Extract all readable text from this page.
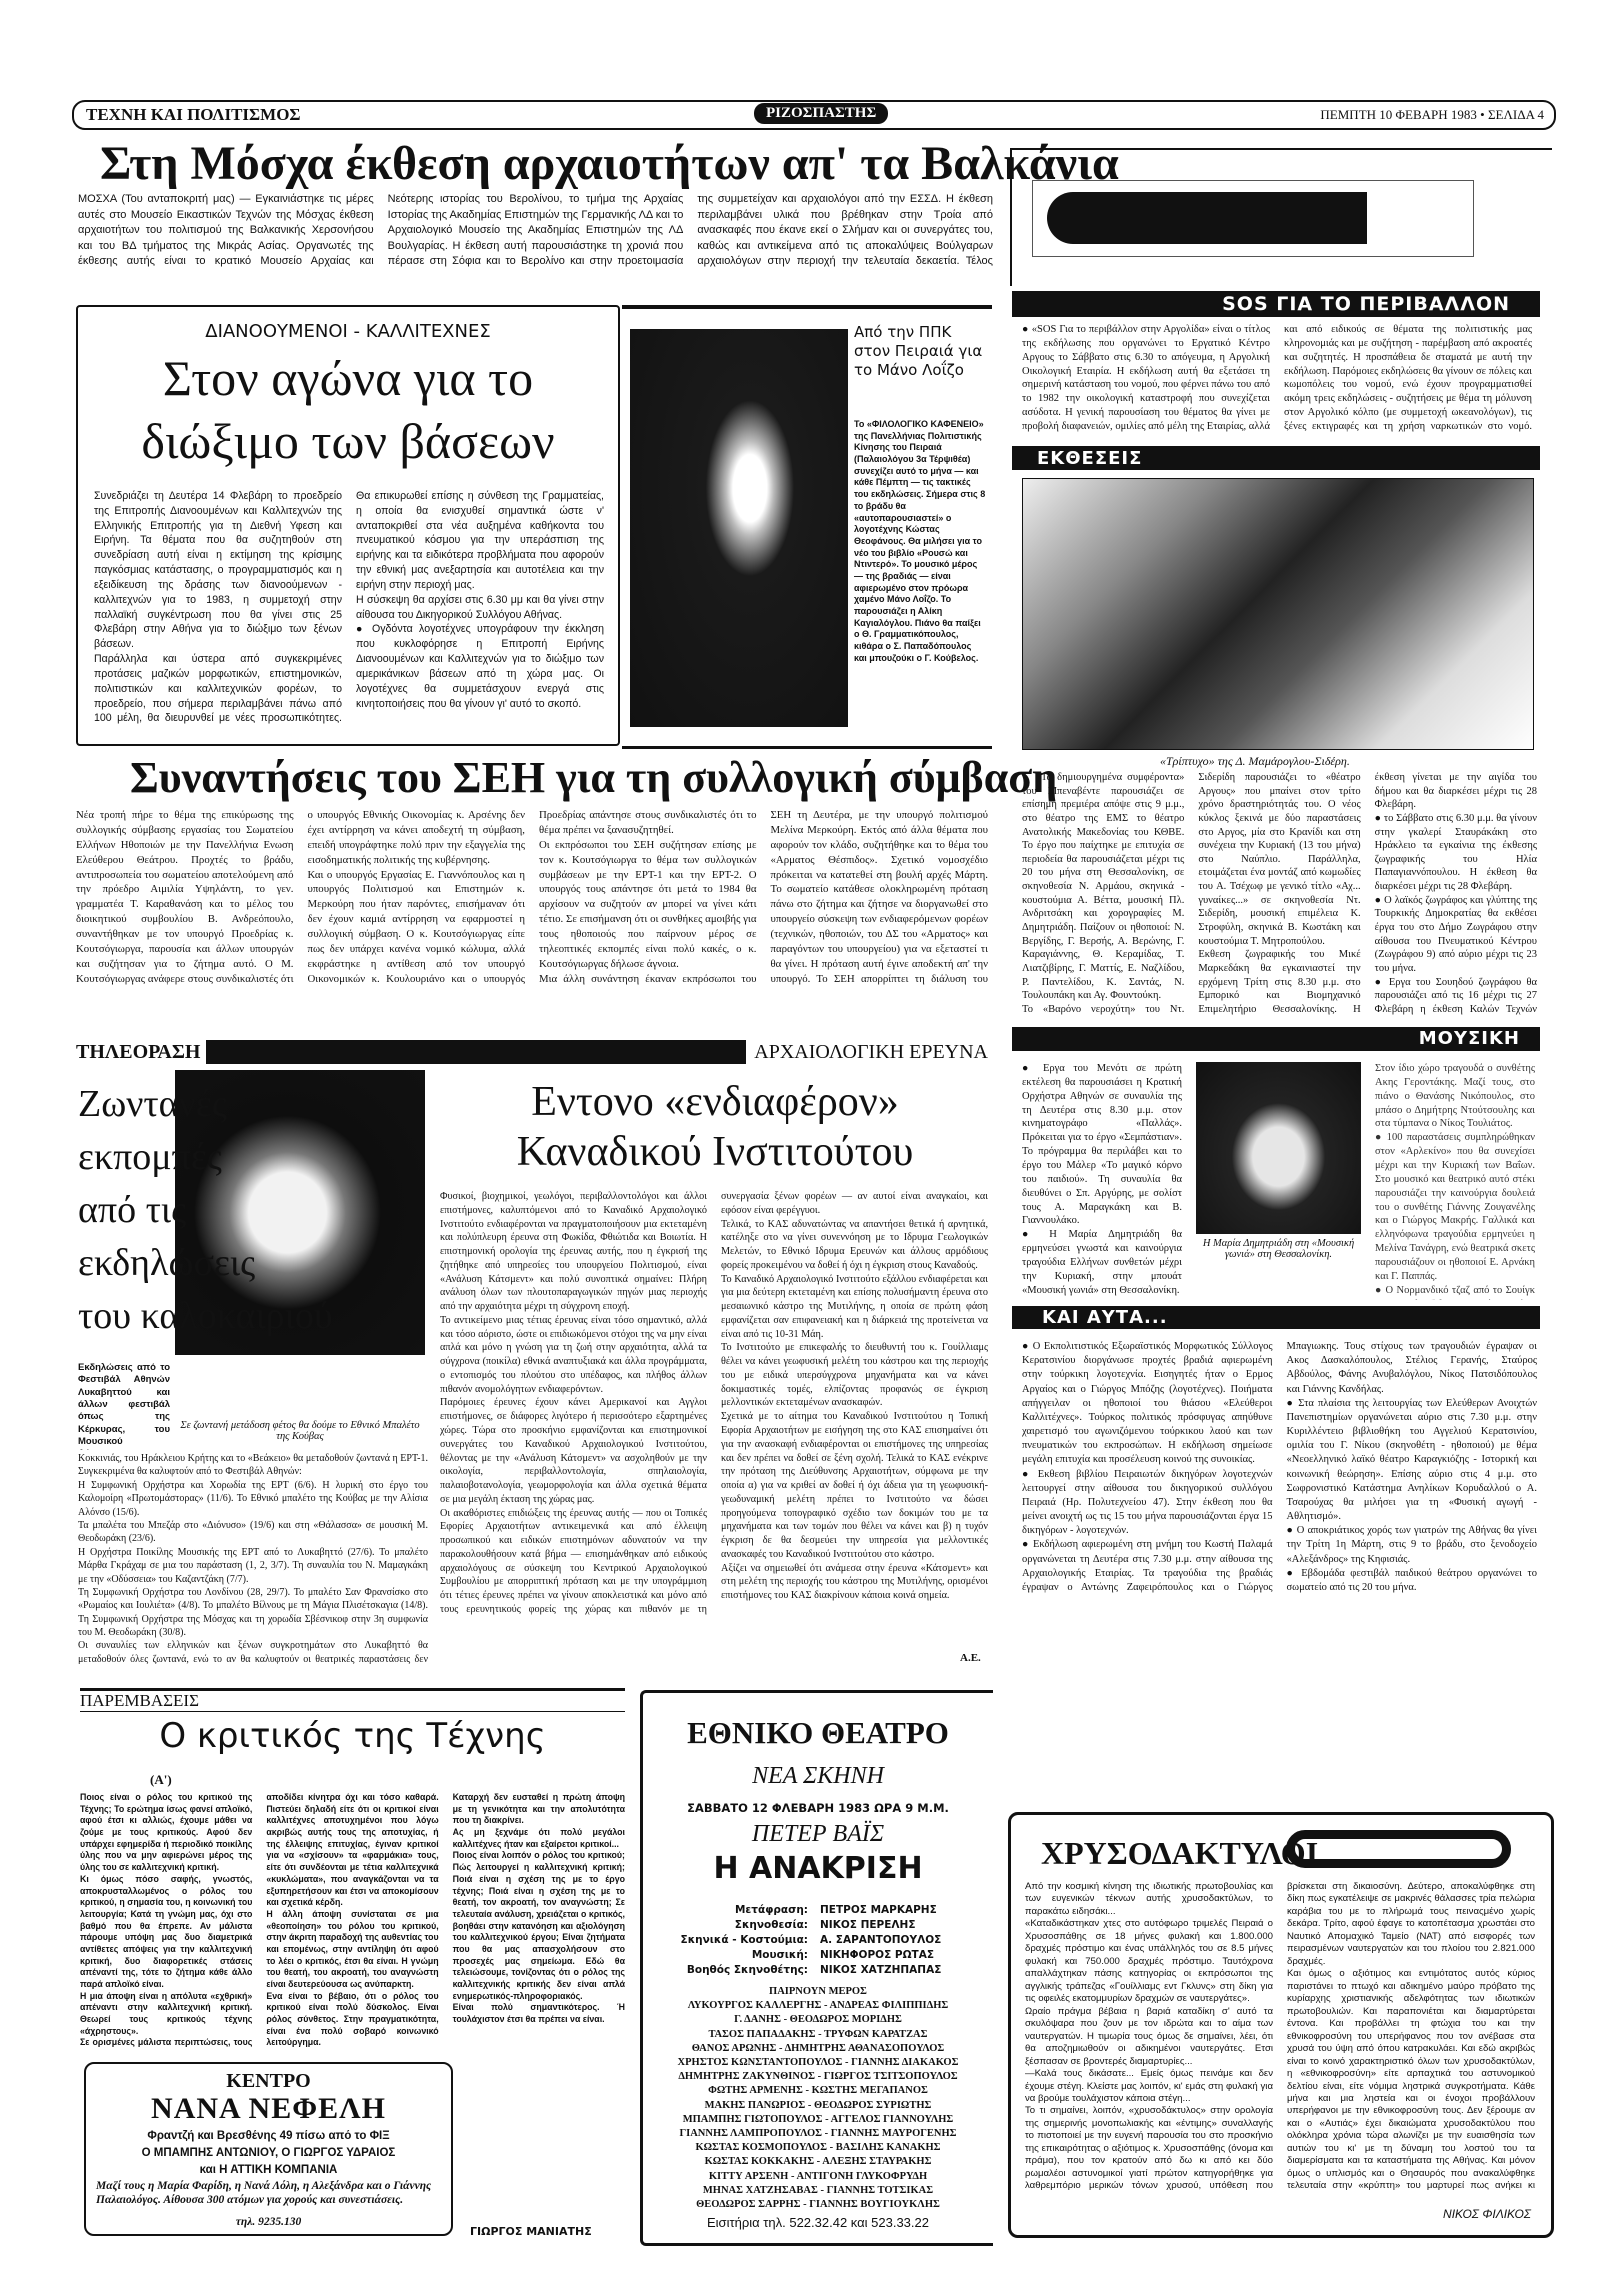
ΤΕΧΝΗ ΚΑΙ ΠΟΛΙΤΙΣΜΟΣ	ΡΙΖΟΣΠΑΣΤΗΣ	ΠΕΜΠΤΗ 10 ΦΕΒΑΡΗ 1983 • ΣΕΛΙΔΑ 4
Στη Μόσχα έκθεση αρχαιοτήτων απ' τα Βαλκάνια
ΜΟΣΧΑ (Του ανταποκριτή μας) — Εγκαινιάστηκε τις μέρες αυτές στο Μουσείο Εικαστικών Τεχνών της Μόσχας έκθεση αρχαιοτήτων του πολιτισμού της Βαλκανικής Χερσονήσου και του ΒΔ τμήματος της Μικράς Ασίας. Οργανωτές της έκθεσης αυτής είναι το κρατικό Μουσείο Αρχαίας και Νεότερης ιστορίας του Βερολίνου, το τμήμα της Αρχαίας Ιστορίας της Ακαδημίας Επιστημών της Γερμανικής ΛΔ και το Αρχαιολογικό Μουσείο της Ακαδημίας Επιστημών της ΛΔ Βουλγαρίας. Η έκθεση αυτή παρουσιάστηκε τη χρονιά που πέρασε στη Σόφια και το Βερολίνο και στην προετοιμασία της συμμετείχαν και αρχαιολόγοι από την ΕΣΣΔ. Η έκθεση περιλαμβάνει υλικά που βρέθηκαν στην Τροία από ανασκαφές που έκανε εκεί ο Σλήμαν και οι συνεργάτες του, καθώς και αντικείμενα από τις αποκαλύψεις Βούλγαρων αρχαιολόγων στην περιοχή την τελευταία δεκαετία. Τέλος
SOS ΓΙΑ ΤΟ ΠΕΡΙΒΑΛΛΟΝ
● «SOS Για το περιβάλλον στην Αργολίδα» είναι ο τίτλος της εκδήλωσης που οργανώνει το Εργατικό Κέντρο Αργους το Σάββατο στις 6.30 το απόγευμα, η Αργολική Οικολογική Εταιρία. Η εκδήλωση αυτή θα εξετάσει τη σημερινή κατάσταση του νομού, που φέρνει πάνω του από το 1982 την οικολογική καταστροφή που συνεχίζεται ασύδοτα. Η γενική παρουσίαση του θέματος θα γίνει με προβολή διαφανειών, ομιλίες από μέλη της Εταιρίας, αλλά και από ειδικούς σε θέματα της πολιτιστικής μας κληρονομιάς και με συζήτηση - παρέμβαση από ακροατές και συζητητές. Η προσπάθεια δε σταματά με αυτή την εκδήλωση. Παρόμοιες εκδηλώσεις θα γίνουν σε πόλεις και κωμοπόλεις του νομού, ενώ έχουν προγραμματισθεί ακόμη τρεις εκδηλώσεις - συζητήσεις με θέμα τη μόλυνση στον Αργολικό κόλπο (με συμμετοχή ωκεανολόγων), τις ξένες εκτιγραφές και τη χρήση ναρκωτικών στο νομό.

ΕΚΘΕΣΕΙΣ
«Τρίπτυχο» της Δ. Μαμάρογλου-Σιδέρη.
● «Τα δημιουργημένα συμφέροντα» του Μπεναβέντε παρουσιάζει σε επίσημη πρεμιέρα απόψε στις 9 μ.μ., στο θέατρο της ΕΜΣ το θέατρο Ανατολικής Μακεδονίας του ΚΘΒΕ. Το έργο που παίχτηκε με επιτυχία σε περιοδεία θα παρουσιάζεται μέχρι τις 20 του μήνα στη Θεσσαλονίκη, σε σκηνοθεσία Ν. Αρμάου, σκηνικά - κουστούμια Α. Βέττα, μουσική Πλ. Ανδριτσάκη και χορογραφίες Μ. Δημητριάδη. Παίζουν οι ηθοποιοί: Ν. Βεργίδης, Γ. Βερσής, Α. Βερώνης, Γ. Καραγιάννης, Θ. Κεραμίδας, Τ. Λιατζιβίρης, Γ. Ματτίς, Ε. Ναζλίδου, Ρ. Παντελίδου, Κ. Σαντάς, Ν. Τουλουπάκη και Αγ. Φουντούκη.
Το «Βαρόνο νεροχύτη» του Ντ. Σιδερίδη παρουσιάζει το «θέατρο Αργους» που μπαίνει στον τρίτο χρόνο δραστηριότητάς του. Ο νέος κύκλος ξεκινά με δύο παραστάσεις στο Αργος, μία στο Κρανίδι και στη συνέχεια την Κυριακή (13 του μήνα) στο Ναύπλιο. Παράλληλα, ετοιμάζεται ένα μοντάζ από κωμωδίες του Α. Τσέχωφ με γενικό τίτλο «Αχ... γυναίκες...» σε σκηνοθεσία Ντ. Σιδερίδη, μουσική επιμέλεια Κ. Στροφύλη, σκηνικά Β. Κωστάκη και κουστούμια Τ. Μητροπούλου.
Εκθεση ζωγραφικής του Μικέ Μαρκεδάκη θα εγκαινιαστεί την ερχόμενη Τρίτη στις 8.30 μ.μ. στο Εμπορικό και Βιομηχανικό Επιμελητήριο Θεσσαλονίκης. Η έκθεση γίνεται με την αιγίδα του δήμου και θα διαρκέσει μέχρι τις 28 Φλεβάρη.
● το Σάββατο στις 6.30 μ.μ. θα γίνουν στην γκαλερί Σταυράκάκη στο Ηράκλειο τα εγκαίνια της έκθεσης ζωγραφικής του Ηλία Παπαγιαννόπουλου. Η έκθεση θα διαρκέσει μέχρι τις 28 Φλεβάρη.
● Ο λαϊκός ζωγράφος και γλύπτης της Τουρκικής Δημοκρατίας θα εκθέσει έργα του στο Δήμο Ζωγράφου στην αίθουσα του Πνευματικού Κέντρου (Ζωγράφου 9) από αύριο μέχρι τις 23 του μήνα.
● Εργα του Σουηδού ζωγράφου θα παρουσιάζει από τις 16 μέχρι τις 27 Φλεβάρη η έκθεση Καλών Τεχνών

ΜΟΥΣΙΚΗ
● Εργα του Μενότι σε πρώτη εκτέλεση θα παρουσιάσει η Κρατική Ορχήστρα Αθηνών σε συναυλία της τη Δευτέρα στις 8.30 μ.μ. στον κινηματογράφο «Παλλάς». Πρόκειται για το έργο «Σεμπάστιαν». Το πρόγραμμα θα περιλάβει και το έργο του Μάλερ «Το μαγικό κόρνο του παιδιού». Τη συναυλία θα διευθύνει ο Σπ. Αργύρης, με σολίστ τους Α. Μαραγκάκη και Β. Γιαννουλάκο.
● Η Μαρία Δημητριάδη θα ερμηνεύσει γνωστά και καινούργια τραγούδια Ελλήνων συνθετών μέχρι την Κυριακή, στην μπουάτ «Μουσική γωνιά» στη Θεσσαλονίκη.
Η Μαρία Δημητριάδη στη «Μουσική γωνιά» στη Θεσσαλονίκη.
Στον ίδιο χώρο τραγουδά ο συνθέτης Ακης Γεροντάκης. Μαζί τους, στο πιάνο ο Θανάσης Νικόπουλος, στο μπάσο ο Δημήτρης Ντούτσουλης και στα τύμπανα ο Νίκος Τουλιάτος.
● 100 παραστάσεις συμπληρώθηκαν στον «Αρλεκίνο» που θα συνεχίσει μέχρι και την Κυριακή των Βαΐων. Στο μουσικό και θεατρικό αυτό στέκι παρουσιάζει την καινούργια δουλειά του ο συνθέτης Γιάννης Ζουγανέλης και ο Γιώργος Μακρής. Γαλλικά και ελληνόφωνα τραγούδια ερμηνεύει η Μελίνα Τανάγρη, ενώ θεατρικά σκετς παρουσιάζουν οι ηθοποιοί Ε. Αρνάκη και Γ. Παππάς.
● Ο Νορμανδικό τζαζ από το Σουίγκ

ΚΑΙ ΑΥΤΑ...
● Ο Εκπολιτιστικός Εξωραϊστικός Μορφωτικός Σύλλογος Κερατσινίου διοργάνωσε προχτές βραδιά αφιερωμένη στην τούρκικη λογοτεχνία. Εισηγητές ήταν ο Ερμος Αργαίος και ο Γιώργος Μπόζης (λογοτέχνες). Ποιήματα απήγγειλαν οι ηθοποιοί του θιάσου «Ελεύθεροι Καλλιτέχνες». Τούρκος πολιτικός πρόσφυγας απηύθυνε χαιρετισμό του αγωνιζόμενου τούρκικου λαού και των πνευματικών του εκπροσώπων. Η εκδήλωση σημείωσε μεγάλη επιτυχία και προσέλευση κοινού της συνοικίας.
● Εκθεση βιβλίου Πειραιωτών δικηγόρων λογοτεχνών λειτουργεί στην αίθουσα του δικηγορικού συλλόγου Πειραιά (Ηρ. Πολυτεχνείου 47). Στην έκθεση που θα μείνει ανοιχτή ως τις 15 του μήνα παρουσιάζονται έργα 15 δικηγόρων - λογοτεχνών.
● Εκδήλωση αφιερωμένη στη μνήμη του Κωστή Παλαμά οργανώνεται τη Δευτέρα στις 7.30 μ.μ. στην αίθουσα της Αρχαιολογικής Εταιρίας. Τα τραγούδια της βραδιάς έγραψαν ο Αντώνης Ζαφειρόπουλος και ο Γιώργος Μπαγιωκης. Τους στίχους των τραγουδιών έγραψαν οι Ακος Δασκαλόπουλος, Στέλιος Γερανής, Σταύρος Αβδούλος, Φάνης Ανυβαλόγλου, Νίκος Πατσιδόπουλος και Γιάννης Κανδήλας.
● Στα πλαίσια της λειτουργίας των Ελεύθερων Ανοιχτών Πανεπιστημίων οργανώνεται αύριο στις 7.30 μ.μ. στην Κυριλλέντειο βιβλιοθήκη του Αγγελιού Κερατσινίου, ομιλία του Γ. Νίκου (σκηνοθέτη - ηθοποιού) με θέμα «Νεοελληνικό λαϊκό θέατρο Καραγκιόζης - Ιστορική και κοινωνική θεώρηση». Επίσης αύριο στις 4 μ.μ. στο Σωφρονιστικό Κατάστημα Ανηλίκων Κορυδαλλού ο Α. Τσαρούχας θα μιλήσει για τη «Φυσική αγωγή - Αθλητισμό».
● Ο αποκριάτικος χορός των γιατρών της Αθήνας θα γίνει την Τρίτη 1η Μάρτη, στις 9 το βράδυ, στο ξενοδοχείο «Αλεξάνδρος» της Κηφισιάς.
● Εβδομάδα φεστιβάλ παιδικού θεάτρου οργανώνει το σωματείο από τις 20 του μήνα.
ΧΡΥΣΟΔΑΚΤΥΛΟΙ
Από την κοσμική κίνηση της ιδιωτικής πρωτοβουλίας και των ευγενικών τέκνων αυτής χρυσοδακτύλων, το παρακάτω ειδησάκι...
«Καταδικάστηκαν χτες στο αυτόφωρο τριμελές Πειραιά ο Χρυσοσπάθης σε 18 μήνες φυλακή και 1.800.000 δραχμές πρόστιμο και ένας υπάλληλός του σε 8.5 μήνες φυλακή και 750.000 δραχμές πρόστιμο. Ταυτόχρονα απαλλάχτηκαν πάσης κατηγορίας οι εκπρόσωποι της αγγλικής τράπεζας «Γουίλλιαμς εντ Γκλυνς» στη δίκη για τις οφειλές εκατομμυρίων δραχμών σε ναυτεργάτες».
Ωραίο πράγμα βέβαια η βαριά καταδίκη σ' αυτό τα σκυλόψαρα που ζουν με τον ιδρώτα και το αίμα των ναυτεργατών. Η τιμωρία τους όμως δε σημαίνει, λέει, ότι θα αποζημιωθούν οι αδικημένοι ναυτεργάτες. Ετσι ξέσπασαν σε βροντερές διαμαρτυρίες...
—Καλά τους δικάσατε... Εμείς όμως πεινάμε και δεν έχουμε στέγη. Κλείστε μας λοιπόν, κι' εμάς στη φυλακή για να βρούμε τουλάχιστον κάποια στέγη...
Το τι σημαίνει, λοιπόν, «χρυσοδάκτυλος» στην ορολογία της σημερινής μονοπωλιακής και «έντιμης» συναλλαγής το πιστοποιεί με την ευγενή παρουσία του στο προσκήνιο της επικαιρότητας ο αξιότιμος κ. Χρυσοσπάθης (όνομα και πράμα), που τον κρατούν από δω κι από κει δύο ρωμαλέοι αστυνομικοί γιατί πρώτον κατηγορήθηκε για λαθρεμπόριο μερικών τόνων χρυσού, υπόθεση που βρίσκεται στη δικαιοσύνη. Δεύτερο, αποκαλύφθηκε στη δίκη πως εγκατέλειψε σε μακρινές θάλασσες τρία πελώρια καράβια του με το πλήρωμά τους πειναςμένο χωρίς δεκάρα. Τρίτο, αφού έφαγε το κατοπέτασμα χρωστάει στο Ναυτικό Απομαχικό Ταμείο (ΝΑΤ) από εισφορές των πειρασμένων ναυτεργατών και του πλοίου του 2.821.000 δραχμές.
Και όμως ο αξιότιμος και εντιμότατος αυτός κύριος παριστάνει το πτωχό και αδικημένο μαύρο πρόβατο της κυρίαρχης χριστιανικής αδελφότητας των ιδιωτικών πρωτοβουλιών. Και παραπονιέται και διαμαρτύρεται έντονα. Και προβάλλει τη φτώχια του και την εθνικοφροσύνη του υπερήφανος που τον ανέβασε στα χρυσά του ύψη από όπου κατρακυλάει. Και εδώ ακριβώς είναι το κοινό χαρακτηριστικό όλων των χρυσοδακτύλων, η «εθνικοφροσύνη» είτε αρπαχτικά του αστυνομικού δελτίου είναι, είτε νόμιμα ληστρικά συγκροτήματα. Κάθε μήνα και μια ληστεία και οι ένοχοι προβάλλουν υπερήφανοι με την εθνικοφροσύνη τους. Δεν ξέρουμε αν και ο «Αυτιάς» έχει δικαιώματα χρυσοδακτύλου που ολόκληρα χρόνια τώρα αλωνίζει με την ευαισθησία των αυτιών του κι' με τη δύναμη του λοστού του τα διαμερίσματα και τα καταστήματα της Αθήνας. Και μόνον όμως ο υπλισμός και ο Θησαυρός που ανακαλύφθηκε τελευταία στην «κρύπτη» του μαρτυρεί πως ανήκει κι
ΝΙΚΟΣ ΦΙΛΙΚΟΣ
ΔΙΑΝΟΟΥΜΕΝΟΙ - ΚΑΛΛΙΤΕΧΝΕΣ
Στον αγώνα για το
διώξιμο των βάσεων
Συνεδριάζει τη Δευτέρα 14 Φλεβάρη το προεδρείο της Επιτροπής Διανοουμένων και Καλλιτεχνών της Ελληνικής Επιτροπής για τη Διεθνή Υφεση και Ειρήνη. Τα θέματα που θα συζητηθούν στη συνεδρίαση αυτή είναι η εκτίμηση της κρίσιμης παγκόσμιας κατάστασης, ο προγραμματισμός και η εξειδίκευση της δράσης των διανοούμενων - καλλιτεχνών για το 1983, η συμμετοχή στην παλλαϊκή συγκέντρωση που θα γίνει στις 25 Φλεβάρη στην Αθήνα για το διώξιμο των ξένων βάσεων.
Παράλληλα και ύστερα από συγκεκριμένες προτάσεις μαζικών μορφωτικών, επιστημονικών, πολιτιστικών και καλλιτεχνικών φορέων, το προεδρείο, που σήμερα περιλαμβάνει πάνω από 100 μέλη, θα διευρυνθεί με νέες προσωπικότητες. Θα επικυρωθεί επίσης η σύνθεση της Γραμματείας, η οποία θα ενισχυθεί σημαντικά ώστε ν' ανταποκριθεί στα νέα αυξημένα καθήκοντα του πνευματικού κόσμου για την υπεράσπιση της ειρήνης και τα ειδικότερα προβλήματα που αφορούν την εθνική μας ανεξαρτησία και αυτοτέλεια και την ειρήνη στην περιοχή μας.
Η σύσκεψη θα αρχίσει στις 6.30 μμ και θα γίνει στην αίθουσα του Δικηγορικού Συλλόγου Αθήνας.
● Ογδόντα λογοτέχνες υπογράφουν την έκκληση που κυκλοφόρησε η Επιτροπή Ειρήνης Διανοουμένων και Καλλιτεχνών για το διώξιμο των αμερικάνικων βάσεων από τη χώρα μας. Οι λογοτέχνες θα συμμετάσχουν ενεργά στις κινητοποιήσεις που θα γίνουν γι' αυτό το σκοπό.
Από την ΠΠΚ στον Πειραιά για το Μάνο Λοΐζο
Το «ΦΙΛΟΛΟΓΙΚΟ ΚΑΦΕΝΕΙΟ» της Πανελλήνιας Πολιτιστικής Κίνησης του Πειραιά (Παλαιολόγου 3α Τέρψιθέα) συνεχίζει αυτό το μήνα — και κάθε Πέμπτη — τις τακτικές του εκδηλώσεις. Σήμερα στις 8 το βράδυ θα «αυτοπαρουσιαστεί» ο λογοτέχνης Κώστας Θεοφάνους. Θα μιλήσει για το νέο του βιβλίο «Ρουσώ και Ντιντερό». Το μουσικό μέρος — της βραδιάς — είναι αφιερωμένο στον πρόωρα χαμένο Μάνο Λοΐζο. Το παρουσιάζει η Αλίκη Καγιαλόγλου. Πιάνο θα παίξει ο Θ. Γραμματικόπουλος, κιθάρα ο Σ. Παπαδόπουλος και μπουζούκι ο Γ. Κούβελος.
Συναντήσεις του ΣΕΗ για τη συλλογική σύμβαση
Νέα τροπή πήρε το θέμα της επικύρωσης της συλλογικής σύμβασης εργασίας του Σωματείου Ελλήνων Ηθοποιών με την Πανελλήνια Ενωση Ελεύθερου Θεάτρου. Προχτές το βράδυ, αντιπροσωπεία του σωματείου αποτελούμενη από την πρόεδρο Αιμιλία Υψηλάντη, το γεν. γραμματέα Τ. Καραθανάση και το μέλος του διοικητικού συμβουλίου Β. Ανδρεόπουλο, συναντήθηκαν με τον υπουργό Προεδρίας κ. Κουτσόγιωργα, παρουσία και άλλων υπουργών και συζήτησαν για το ζήτημα αυτό. Ο Μ. Κουτσόγιωργας ανάφερε στους συνδικαλιστές ότι ο υπουργός Εθνικής Οικονομίας κ. Αρσένης δεν έχει αντίρρηση να κάνει αποδεχτή τη σύμβαση, επειδή υπογράφτηκε πολύ πριν την εξαγγελία της εισοδηματικής πολιτικής της κυβέρνησης.
Και ο υπουργός Εργασίας Ε. Γιαννόπουλος και η υπουργός Πολιτισμού και Επιστημών κ. Μερκούρη που ήταν παρόντες, επισήμαναν ότι δεν έχουν καμιά αντίρρηση να εφαρμοστεί η συλλογική σύμβαση. Ο κ. Κουτσόγιωργας είπε πως δεν υπάρχει κανένα νομικό κώλυμα, αλλά εκφράστηκε η αντίθεση από τον υπουργό Οικονομικών κ. Κουλουριάνο και ο υπουργός Προεδρίας απάντησε στους συνδικαλιστές ότι το θέμα πρέπει να ξανασυζητηθεί.
Οι εκπρόσωποι του ΣΕΗ συζήτησαν επίσης με τον κ. Κουτσόγιωργα το θέμα των συλλογικών συμβάσεων με την ΕΡΤ-1 και την ΕΡΤ-2. Ο υπουργός τους απάντησε ότι μετά το 1984 θα αρχίσουν να συζητούν αν μπορεί να γίνει κάτι τέτιο. Σε επισήμανση ότι οι συνθήκες αμοιβής για τους ηθοποιούς που παίρνουν μέρος σε τηλεοπτικές εκπομπές είναι πολύ κακές, ο κ. Κουτσόγιωργας δήλωσε άγνοια.
Μια άλλη συνάντηση έκαναν εκπρόσωποι του ΣΕΗ τη Δευτέρα, με την υπουργό πολιτισμού Μελίνα Μερκούρη. Εκτός από άλλα θέματα που αφορούν τον κλάδο, συζητήθηκε και το θέμα του «Αρματος Θέσπιδος». Σχετικό νομοσχέδιο πρόκειται να κατατεθεί στη βουλή αρχές Μάρτη. Το σωματείο κατάθεσε ολοκληρωμένη πρόταση πάνω στο ζήτημα και ζήτησε να διοργανωθεί στο υπουργείο σύσκεψη των ενδιαφερόμενων φορέων (τεχνικών, ηθοποιών, του ΔΣ του «Αρματος» και παραγόντων του υπουργείου) για να εξεταστεί τι θα γίνει. Η πρόταση αυτή έγινε αποδεκτή απ' την υπουργό. Το ΣΕΗ απορρίπτει τη διάλυση του
ΤΗΛΕΟΡΑΣΗ	ΑΡΧΑΙΟΛΟΓΙΚΗ ΕΡΕΥΝΑ
Ζωντανές
εκπομπές
από τις
εκδηλώσεις
του καλοκαιριού
Εκδηλώσεις από το Φεστιβάλ Αθηνών Λυκαβηττού και άλλων φεστιβάλ όπως της Κέρκυρας, του Μουσικού
Σε ζωντανή μετάδοση φέτος θα δούμε το Εθνικό Μπαλέτο της Κούβας
Κοκκινιάς, του Ηράκλειου Κρήτης και το «Βεάκειο» θα μεταδοθούν ζωντανά η ΕΡΤ-1. Συγκεκριμένα θα καλυφτούν από το Φεστιβάλ Αθηνών:
Η Συμφωνική Ορχήστρα και Χορωδία της ΕΡΤ (6/6). Η λυρική στο έργο του Καλομοίρη «Πρωτομάστορας» (11/6). Το Εθνικό μπαλέτο της Κούβας με την Αλίσια Αλόνσο (15/6).
Τα μπαλέτα του Μπεζάρ στο «Διόνυσο» (19/6) και στη «Θάλασσα» σε μουσική Μ. Θεοδωράκη (23/6).
Η Ορχήστρα Ποικίλης Μουσικής της ΕΡΤ από το Λυκαβηττό (27/6). Το μπαλέτο Μάρθα Γκράχαμ σε μια του παράσταση (1, 2, 3/7). Τη συναυλία του Ν. Μαμαγκάκη με την «Οδύσσεια» του Καζαντζάκη (7/7).
Τη Συμφωνική Ορχήστρα του Λονδίνου (28, 29/7). Το μπαλέτο Σαν Φρανσίσκο στο «Ρωμαίος και Ιουλιέτα» (4/8). Το μπαλέτο Βίλνους με τη Μάγια Πλισέτσκαγια (14/8). Τη Συμφωνική Ορχήστρα της Μόσχας και τη χορωδία Σβέσνικοφ στην 3η συμφωνία του Μ. Θεοδωράκη (30/8).
Οι συναυλίες των ελληνικών και ξένων συγκροτημάτων στο Λυκαβηττό θα μεταδοθούν όλες ζωντανά, ενώ το αν θα καλυφτούν οι θεατρικές παραστάσεις δεν
Εντονο «ενδιαφέρον»
Καναδικού Ινστιτούτου
Φυσικοί, βιοχημικοί, γεωλόγοι, περιβαλλοντολόγοι και άλλοι επιστήμονες, καλυπτόμενοι από το Καναδικό Αρχαιολογικό Ινστιτούτο ενδιαφέρονται να πραγματοποιήσουν μια εκτεταμένη και πολύπλευρη έρευνα στη Φωκίδα, Φθιώτιδα και Βοιωτία. Η επιστημονική ορολογία της έρευνας αυτής, που η έγκρισή της ζητήθηκε από υπηρεσίες του υπουργείου Πολιτισμού, είναι «Ανάλυση Κάτσμεντ» και πολύ συνοπτικά σημαίνει: Πλήρη ανάλυση όλων των πλουτοπαραγωγικών πηγών μιας περιοχής από την αρχαιότητα μέχρι τη σύγχρονη εποχή.
Το αντικείμενο μιας τέτιας έρευνας είναι τόσο σημαντικό, αλλά και τόσο αόριστο, ώστε οι επιδιωκόμενοι στόχοι της να μην είναι απλά και μόνο η γνώση για τη ζωή στην αρχαιότητα, αλλά τα σύγχρονα (ποικίλα) εθνικά αναπτυξιακά και άλλα προγράμματα, ο εντοπισμός του πλούτου στο υπέδαφος, και πλήθος άλλων πιθανόν ανομολόγητων ενδιαφερόντων.
Παρόμοιες έρευνες έχουν κάνει Αμερικανοί και Αγγλοι επιστήμονες, σε διάφορες λιγότερο ή περισσότερο εξαρτημένες χώρες. Τώρα στο προσκήνιο εμφανίζονται και επιστημονικοί συνεργάτες του Καναδικού Αρχαιολογικού Ινστιτούτου, θέλοντας με την «Ανάλυση Κάτσμεντ» να ασχοληθούν με την οικολογία, περιβαλλοντολογία, σπηλαιολογία, παλαιοβοτανολογία, γεωμορφολογία και άλλα σχετικά θέματα σε μια μεγάλη έκταση της χώρας μας.
Οι ακαθόριστες επιδιώξεις της έρευνας αυτής — που οι Τοπικές Εφορίες Αρχαιοτήτων αντικειμενικά και από έλλειψη προσωπικού και ειδικών επιστημόνων αδυνατούν να την παρακολουθήσουν κατά βήμα — επισημάνθηκαν από ειδικούς αρχαιολόγους σε σύσκεψη του Κεντρικού Αρχαιολογικού Συμβουλίου με απορριπτική πρόταση και με την υπογράμμιση ότι τέτιες έρευνες πρέπει να γίνουν αποκλειστικά και μόνο από τους ερευνητικούς φορείς της χώρας και πιθανόν με τη συνεργασία ξένων φορέων — αν αυτοί είναι αναγκαίοι, και εφόσον είναι φερέγγυοι.
Τελικά, το ΚΑΣ αδυνατώντας να απαντήσει θετικά ή αρνητικά, κατέληξε στο να γίνει συνεννόηση με το Ιδρυμα Γεωλογικών Μελετών, το Εθνικό Ιδρυμα Ερευνών και άλλους αρμόδιους φορείς προκειμένου να δοθεί ή όχι η έγκριση στους Καναδούς.
Το Καναδικό Αρχαιολογικό Ινστιτούτο εξάλλου ενδιαφέρεται και για μια δεύτερη εκτεταμένη και επίσης πολυσήμαντη έρευνα στο μεσαιωνικό κάστρο της Μυτιλήνης, η οποία σε πρώτη φάση εμφανίζεται σαν επιφανειακή και η διάρκειά της προτείνεται να είναι από τις 10-31 Μάη.
Το Ινστιτούτο με επικεφαλής το διευθυντή του κ. Γουίλλιαμς θέλει να κάνει γεωφυσική μελέτη του κάστρου και της περιοχής του με ειδικά υπερσύγχρονα μηχανήματα και να κάνει δοκιμαστικές τομές, ελπίζοντας προφανώς σε έγκριση μελλοντικών εκτεταμένων ανασκαφών.
Σχετικά με το αίτημα του Καναδικού Ινστιτούτου η Τοπική Εφορία Αρχαιοτήτων με εισήγηση της στο ΚΑΣ επισημαίνει ότι για την ανασκαφή ενδιαφέρονται οι επιστήμονες της υπηρεσίας και δεν πρέπει να δοθεί σε ξένη σχολή. Τελικά το ΚΑΣ ενέκρινε την πρόταση της Διεύθυνσης Αρχαιοτήτων, σύμφωνα με την οποία α) για να κριθεί αν δοθεί ή όχι άδεια για τη γεωφυσική-γεωδυναμική μελέτη πρέπει το Ινστιτούτο να δώσει προηγούμενα τοπογραφικό σχέδιο των δοκιμών του με τα μηχανήματα και των τομών που θέλει να κάνει και β) η τυχόν έγκριση δε θα δεσμεύει την υπηρεσία για μελλοντικές ανασκαφές του Καναδικού Ινστιτούτου στο κάστρο.
Αξίζει να σημειωθεί ότι ανάμεσα στην έρευνα «Κάτσμεντ» και στη μελέτη της περιοχής του κάστρου της Μυτιλήνης, ορισμένοι επιστήμονες του ΚΑΣ διακρίνουν κάποια κοινά σημεία.
Α.Ε.
ΠΑΡΕΜΒΑΣΕΙΣ
Ο κριτικός της Τέχνης
(Α')
Ποιος είναι ο ρόλος του κριτικού της Τέχνης; Το ερώτημα ίσως φανεί απλοϊκό, αφού έτσι κι αλλιώς, έχουμε μάθει να ζούμε με τους κριτικούς. Αφού δεν υπάρχει εφημερίδα ή περιοδικό ποικίλης ύλης που να μην αφιερώνει μέρος της ύλης του σε καλλιτεχνική κριτική.
Κι όμως πόσο σαφής, γνωστός, αποκρυσταλλωμένος ο ρόλος του κριτικού, η σημασία του, η κοινωνική του λειτουργία; Κατά τη γνώμη μας, όχι στο βαθμό που θα έπρεπε. Αν μάλιστα πάρουμε υπόψη μας δυο διαμετρικά αντίθετες απόψεις για την καλλιτεχνική κριτική, δυο διαφορετικές στάσεις απέναντί της, τότε το ζήτημα κάθε άλλο παρά απλοϊκό είναι.
Η μια άποψη είναι η απόλυτα «εχθρική» απέναντι στην καλλιτεχνική κριτική. Θεωρεί τους κριτικούς τέχνης «άχρηστους».
Σε ορισμένες μάλιστα περιπτώσεις, τους αποδίδει κίνητρα όχι και τόσο καθαρά. Πιστεύει δηλαδή είτε ότι οι κριτικοί είναι καλλιτέχνες αποτυχημένοι που λόγω ακριβώς αυτής τους της αποτυχίας, ή της έλλειψης επιτυχίας, έγιναν κριτικοί για να «σχίσουν» τα «φαρμάκια» τους, είτε ότι συνδέονται με τέτια καλλιτεχνικά «κυκλώματα», που αναγκάζονται να τα εξυπηρετήσουν και έτσι να αποκομίσουν και σχετικά κέρδη.
Η άλλη άποψη συνίσταται σε μια «θεοποίηση» του ρόλου του κριτικού, στην άκριτη παραδοχή της αυθεντίας του και επομένως, στην αντίληψη ότι αφού το λέει ο κριτικός, έτσι θα είναι. Η γνώμη του θεατή, του ακροατή, του αναγνώστη είναι δευτερεύουσα ως ανύπαρκτη.
Ενα είναι το βέβαιο, ότι ο ρόλος του κριτικού είναι πολύ δύσκολος. Είναι ρόλος σύνθετος. Στην πραγματικότητα, είναι ένα πολύ σοβαρό κοινωνικό λειτούργημα.
Καταρχή δεν ευσταθεί η πρώτη άποψη με τη γενικότητα και την απολυτότητα που τη διακρίνει.
Ας μη ξεχνάμε ότι πολύ μεγάλοι καλλιτέχνες ήταν και εξαίρετοι κριτικοί...
Ποιος είναι λοιπόν ο ρόλος του κριτικού; Πώς λειτουργεί η καλλιτεχνική κριτική; Ποιά είναι η σχέση της με το έργο τέχνης; Ποιά είναι η σχέση της με το θεατή, τον ακροατή, τον αναγνώστη; Σε τελευταία ανάλυση, χρειάζεται ο κριτικός, βοηθάει στην κατανόηση και αξιολόγηση του καλλιτεχνικού έργου; Είναι ζητήματα που θα μας απασχολήσουν στο προσεχές μας σημείωμα. Εδώ θα τελειώσουμε, τονίζοντας ότι ο ρόλος της καλλιτεχνικής κριτικής δεν είναι απλά ενημερωτικός-πληροφοριακός.
Είναι πολύ σημαντικότερος. Ή τουλάχιστον έτσι θα πρέπει να είναι.
ΓΙΩΡΓΟΣ ΜΑΝΙΑΤΗΣ
ΚΕΝΤΡΟ
ΝΑΝΑ ΝΕΦΕΛΗ
Φραντζή και Βρεσθένης 49 πίσω από το ΦΙΞ
Ο ΜΠΑΜΠΗΣ ΑΝΤΩΝΙΟΥ, Ο ΓΙΩΡΓΟΣ ΥΔΡΑΙΟΣ
και Η ΑΤΤΙΚΗ ΚΟΜΠΑΝΙΑ
Μαζί τους η Μαρία Φαρίδη, η Νανά Λόλη, η Αλεξάνδρα και ο Γιάννης Παλαιολόγος. Αίθουσα 300 ατόμων για χορούς και συνεστιάσεις.
τηλ. 9235.130
ΕΘΝΙΚΟ ΘΕΑΤΡΟ
ΝΕΑ ΣΚΗΝΗ
ΣΑΒΒΑΤΟ 12 ΦΛΕΒΑΡΗ 1983 ΩΡΑ 9 Μ.Μ.
ΠΕΤΕΡ ΒΑΪΣ
Η ΑΝΑΚΡΙΣΗ
Μετάφραση:	ΠΕΤΡΟΣ ΜΑΡΚΑΡΗΣ
Σκηνοθεσία:	ΝΙΚΟΣ ΠΕΡΕΛΗΣ
Σκηνικά - Κοστούμια:	Α. ΣΑΡΑΝΤΟΠΟΥΛΟΣ
Μουσική:	ΝΙΚΗΦΟΡΟΣ ΡΩΤΑΣ
Βοηθός Σκηνοθέτης:	ΝΙΚΟΣ ΧΑΤΖΗΠΑΠΑΣ
ΠΑΙΡΝΟΥΝ ΜΕΡΟΣ
ΛΥΚΟΥΡΓΟΣ ΚΑΛΛΕΡΓΗΣ - ΑΝΔΡΕΑΣ ΦΙΛΙΠΠΙΔΗΣ
Γ. ΔΑΝΗΣ - ΘΕΟΔΩΡΟΣ ΜΟΡΙΔΗΣ
ΤΑΣΟΣ ΠΑΠΑΔΑΚΗΣ - ΤΡΥΦΩΝ ΚΑΡΑΤΖΑΣ
ΘΑΝΟΣ ΑΡΩΝΗΣ - ΔΗΜΗΤΡΗΣ ΑΘΑΝΑΣΟΠΟΥΛΟΣ
ΧΡΗΣΤΟΣ ΚΩΝΣΤΑΝΤΟΠΟΥΛΟΣ - ΓΙΑΝΝΗΣ ΔΙΑΚΑΚΟΣ
ΔΗΜΗΤΡΗΣ ΖΑΚΥΝΘΙΝΟΣ - ΓΙΩΡΓΟΣ ΤΣΙΤΣΟΠΟΥΛΟΣ
ΦΩΤΗΣ ΑΡΜΕΝΗΣ - ΚΩΣΤΗΣ ΜΕΓΑΠΑΝΟΣ
ΜΑΚΗΣ ΠΑΝΩΡΙΟΣ - ΘΕΟΔΩΡΟΣ ΣΥΡΙΩΤΗΣ
ΜΠΑΜΠΗΣ ΓΙΩΤΟΠΟΥΛΟΣ - ΑΓΓΕΛΟΣ ΓΙΑΝΝΟΥΛΗΣ
ΓΙΑΝΝΗΣ ΛΑΜΠΡΟΠΟΥΛΟΣ - ΓΙΑΝΝΗΣ ΜΑΥΡΟΓΕΝΗΣ
ΚΩΣΤΑΣ ΚΟΣΜΟΠΟΥΛΟΣ - ΒΑΣΙΛΗΣ ΚΑΝΑΚΗΣ
ΚΩΣΤΑΣ ΚΟΚΚΑΚΗΣ - ΑΛΕΞΗΣ ΣΤΑΥΡΑΚΗΣ
ΚΙΤΤΥ ΑΡΣΕΝΗ - ΑΝΤΙΓΟΝΗ ΓΛΥΚΟΦΡΥΔΗ
ΜΗΝΑΣ ΧΑΤΖΗΣΑΒΑΣ - ΓΙΑΝΝΗΣ ΤΟΤΣΙΚΑΣ
ΘΕΟΔΩΡΟΣ ΣΑΡΡΗΣ - ΓΙΑΝΝΗΣ ΒΟΥΓΙΟΥΚΛΗΣ
Εισιτήρια τηλ. 522.32.42 και 523.33.22
